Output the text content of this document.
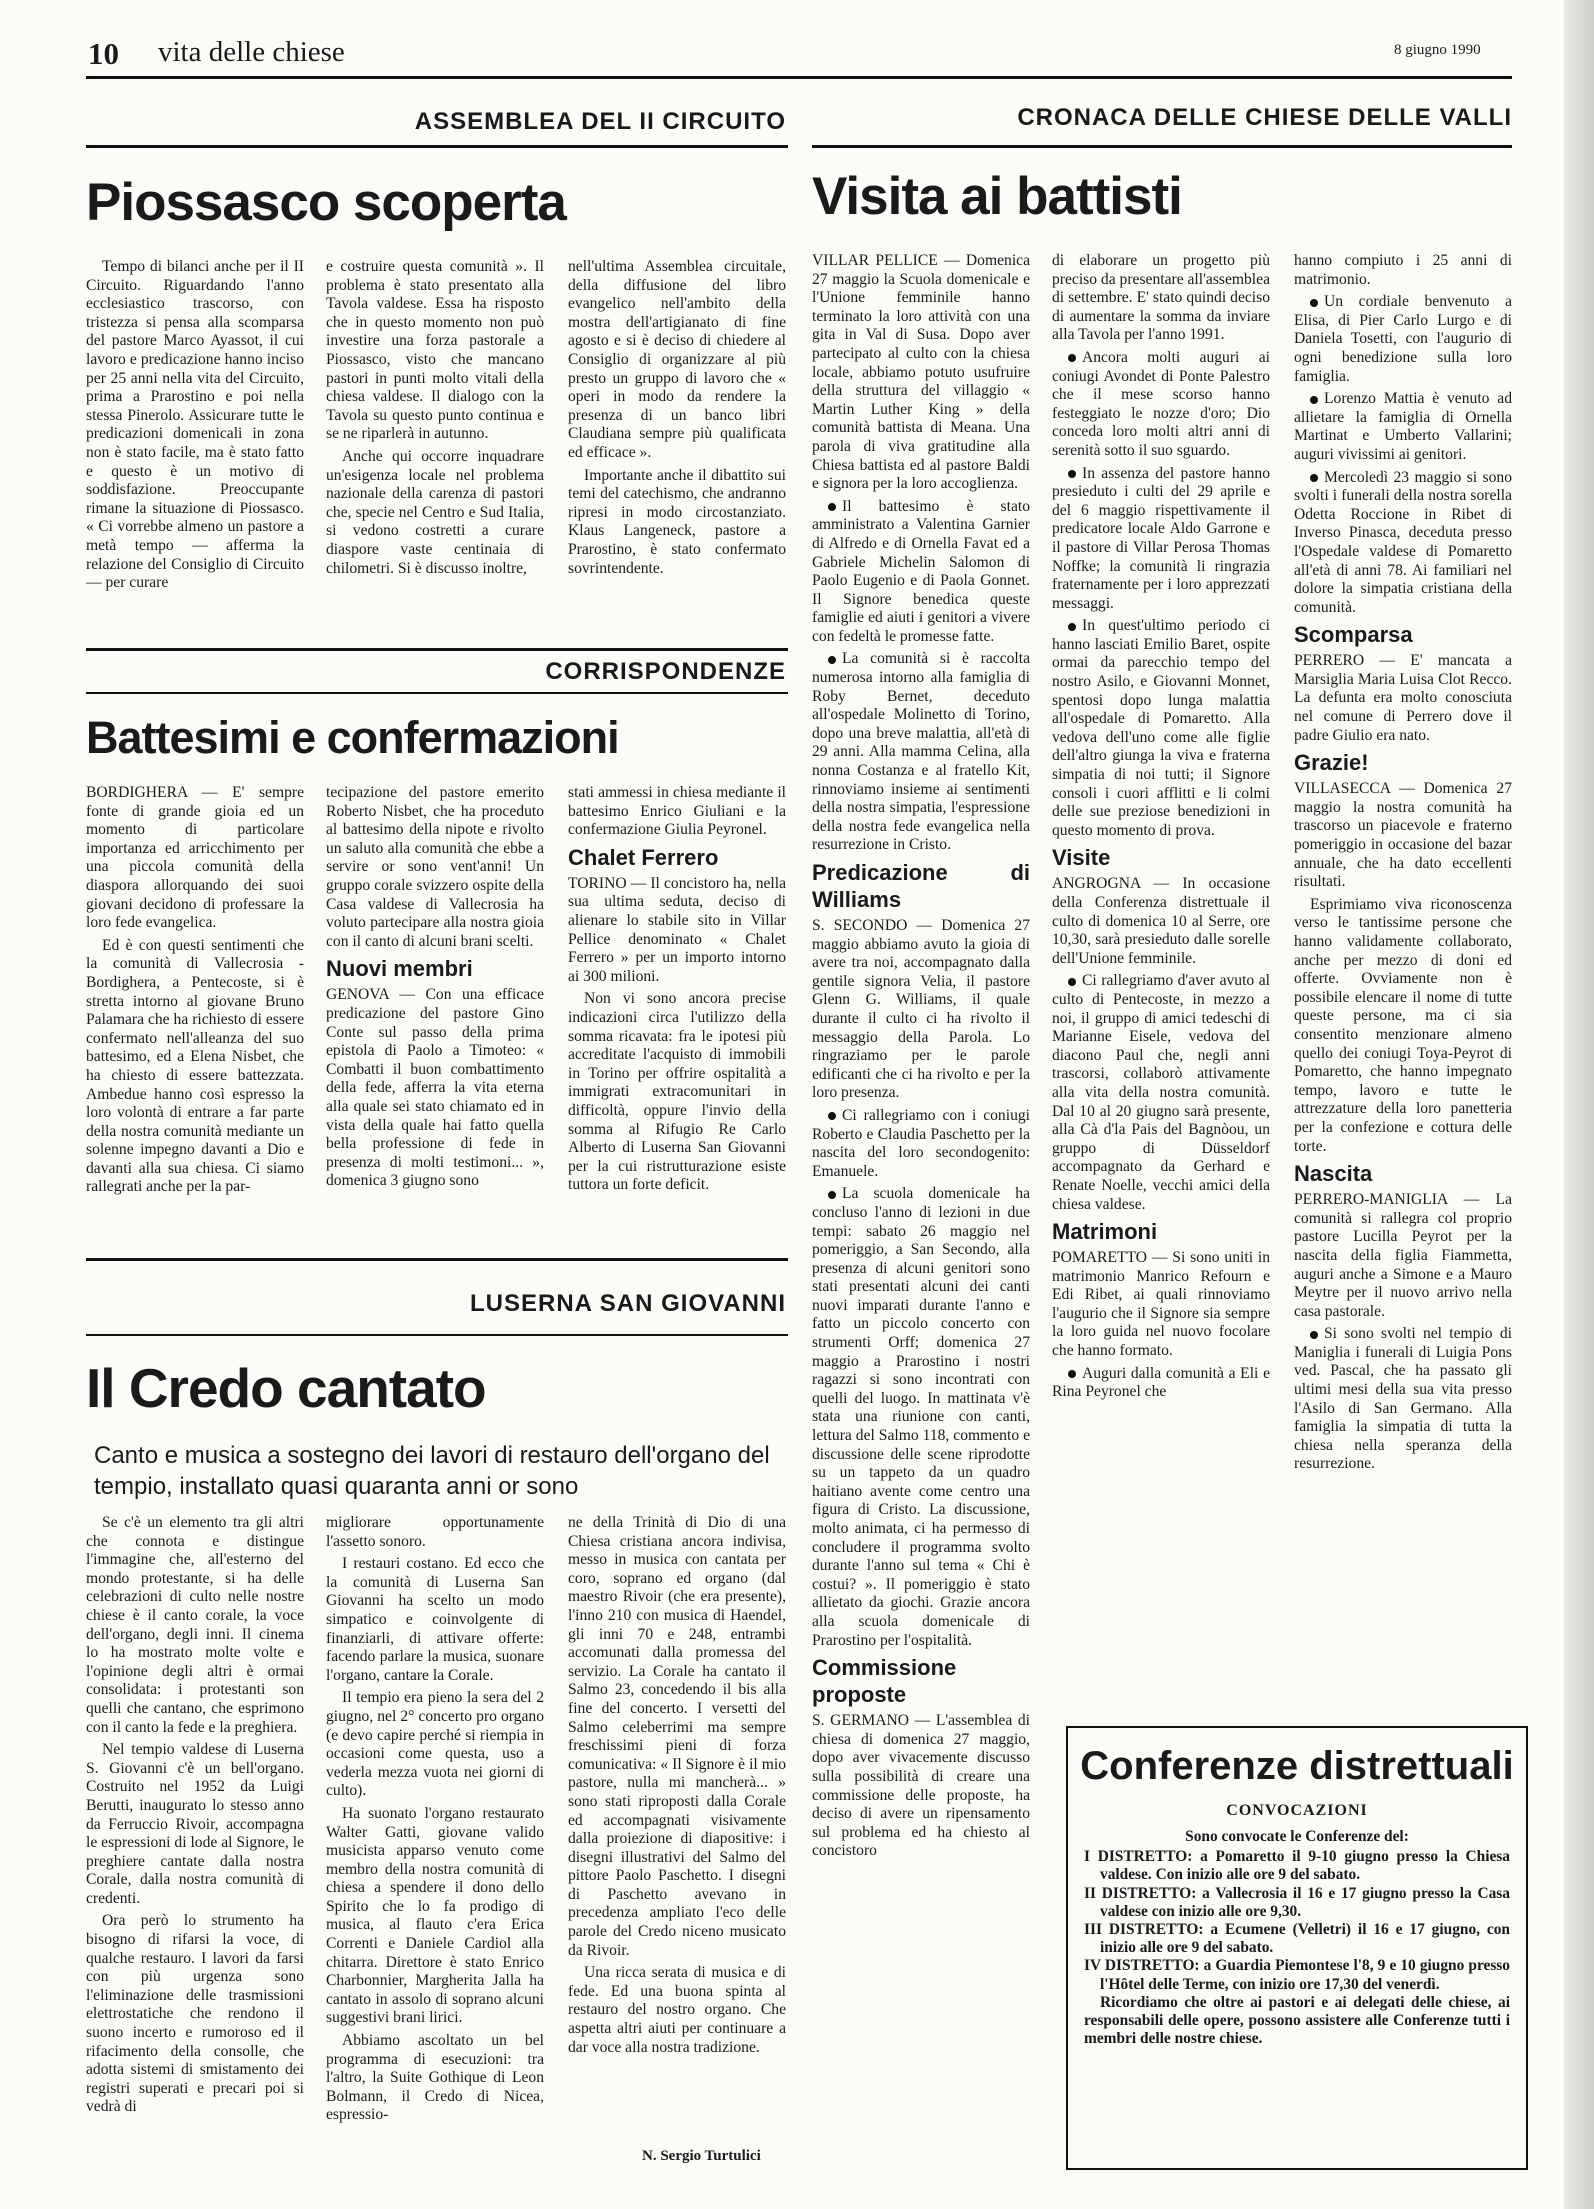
10 vita delle chiese	8 giugno 1990
ASSEMBLEA DEL II CIRCUITO
Piossasco scoperta

Tempo di bilanci anche per il II Circuito. Riguardando l'anno ecclesiastico trascorso, con tristezza si pensa alla scomparsa del pastore Marco Ayassot, il cui lavoro e predicazione hanno inciso per 25 anni nella vita del Circuito, prima a Prarostino e poi nella stessa Pinerolo. Assicurare tutte le predicazioni domenicali in zona non è stato facile, ma è stato fatto e questo è un motivo di soddisfazione. Preoccupante rimane la situazione di Piossasco. « Ci vorrebbe almeno un pastore a metà tempo — afferma la relazione del Consiglio di Circuito — per curare

e costruire questa comunità ». Il problema è stato presentato alla Tavola valdese. Essa ha risposto che in questo momento non può investire una forza pastorale a Piossasco, visto che mancano pastori in punti molto vitali della chiesa valdese. Il dialogo con la Tavola su questo punto continua e se ne riparlerà in autunno.

Anche qui occorre inquadrare un'esigenza locale nel problema nazionale della carenza di pastori che, specie nel Centro e Sud Italia, si vedono costretti a curare diaspore vaste centinaia di chilometri. Si è discusso inoltre,

nell'ultima Assemblea circuitale, della diffusione del libro evangelico nell'ambito della mostra dell'artigianato di fine agosto e si è deciso di chiedere al Consiglio di organizzare al più presto un gruppo di lavoro che « operi in modo da rendere la presenza di un banco libri Claudiana sempre più qualificata ed efficace ».

Importante anche il dibattito sui temi del catechismo, che andranno ripresi in modo circostanziato. Klaus Langeneck, pastore a Prarostino, è stato confermato sovrintendente.

CORRISPONDENZE
Battesimi e confermazioni

BORDIGHERA — E' sempre fonte di grande gioia ed un momento di particolare importanza ed arricchimento per una piccola comunità della diaspora allorquando dei suoi giovani decidono di professare la loro fede evangelica.

Ed è con questi sentimenti che la comunità di Vallecrosia - Bordighera, a Pentecoste, si è stretta intorno al giovane Bruno Palamara che ha richiesto di essere confermato nell'alleanza del suo battesimo, ed a Elena Nisbet, che ha chiesto di essere battezzata. Ambedue hanno così espresso la loro volontà di entrare a far parte della nostra comunità mediante un solenne impegno davanti a Dio e davanti alla sua chiesa. Ci siamo rallegrati anche per la par-

tecipazione del pastore emerito Roberto Nisbet, che ha proceduto al battesimo della nipote e rivolto un saluto alla comunità che ebbe a servire or sono vent'anni! Un gruppo corale svizzero ospite della Casa valdese di Vallecrosia ha voluto partecipare alla nostra gioia con il canto di alcuni brani scelti.

Nuovi membri

GENOVA — Con una efficace predicazione del pastore Gino Conte sul passo della prima epistola di Paolo a Timoteo: « Combatti il buon combattimento della fede, afferra la vita eterna alla quale sei stato chiamato ed in vista della quale hai fatto quella bella professione di fede in presenza di molti testimoni... », domenica 3 giugno sono

stati ammessi in chiesa mediante il battesimo Enrico Giuliani e la confermazione Giulia Peyronel.

Chalet Ferrero

TORINO — Il concistoro ha, nella sua ultima seduta, deciso di alienare lo stabile sito in Villar Pellice denominato « Chalet Ferrero » per un importo intorno ai 300 milioni.

Non vi sono ancora precise indicazioni circa l'utilizzo della somma ricavata: fra le ipotesi più accreditate l'acquisto di immobili in Torino per offrire ospitalità a immigrati extracomunitari in difficoltà, oppure l'invio della somma al Rifugio Re Carlo Alberto di Luserna San Giovanni per la cui ristrutturazione esiste tuttora un forte deficit.

LUSERNA SAN GIOVANNI
Il Credo cantato
Canto e musica a sostegno dei lavori di restauro dell'organo del tempio, installato quasi quaranta anni or sono

Se c'è un elemento tra gli altri che connota e distingue l'immagine che, all'esterno del mondo protestante, si ha delle celebrazioni di culto nelle nostre chiese è il canto corale, la voce dell'organo, degli inni. Il cinema lo ha mostrato molte volte e l'opinione degli altri è ormai consolidata: i protestanti son quelli che cantano, che esprimono con il canto la fede e la preghiera.

Nel tempio valdese di Luserna S. Giovanni c'è un bell'organo. Costruito nel 1952 da Luigi Berutti, inaugurato lo stesso anno da Ferruccio Rivoir, accompagna le espressioni di lode al Signore, le preghiere cantate dalla nostra Corale, dalla nostra comunità di credenti.

Ora però lo strumento ha bisogno di rifarsi la voce, di qualche restauro. I lavori da farsi con più urgenza sono l'eliminazione delle trasmissioni elettrostatiche che rendono il suono incerto e rumoroso ed il rifacimento della consolle, che adotta sistemi di smistamento dei registri superati e precari poi si vedrà di

migliorare opportunamente l'assetto sonoro.

I restauri costano. Ed ecco che la comunità di Luserna San Giovanni ha scelto un modo simpatico e coinvolgente di finanziarli, di attivare offerte: facendo parlare la musica, suonare l'organo, cantare la Corale.

Il tempio era pieno la sera del 2 giugno, nel 2° concerto pro organo (e devo capire perché si riempia in occasioni come questa, uso a vederla mezza vuota nei giorni di culto).

Ha suonato l'organo restaurato Walter Gatti, giovane valido musicista apparso venuto come membro della nostra comunità di chiesa a spendere il dono dello Spirito che lo fa prodigo di musica, al flauto c'era Erica Correnti e Daniele Cardiol alla chitarra. Direttore è stato Enrico Charbonnier, Margherita Jalla ha cantato in assolo di soprano alcuni suggestivi brani lirici.

Abbiamo ascoltato un bel programma di esecuzioni: tra l'altro, la Suite Gothique di Leon Bolmann, il Credo di Nicea, espressio-

ne della Trinità di Dio di una Chiesa cristiana ancora indivisa, messo in musica con cantata per coro, soprano ed organo (dal maestro Rivoir (che era presente), l'inno 210 con musica di Haendel, gli inni 70 e 248, entrambi accomunati dalla promessa del servizio. La Corale ha cantato il Salmo 23, concedendo il bis alla fine del concerto. I versetti del Salmo celeberrimi ma sempre freschissimi pieni di forza comunicativa: « Il Signore è il mio pastore, nulla mi mancherà... » sono stati riproposti dalla Corale ed accompagnati visivamente dalla proiezione di diapositive: i disegni illustrativi del Salmo del pittore Paolo Paschetto. I disegni di Paschetto avevano in precedenza ampliato l'eco delle parole del Credo niceno musicato da Rivoir.

Una ricca serata di musica e di fede. Ed una buona spinta al restauro del nostro organo. Che aspetta altri aiuti per continuare a dar voce alla nostra tradizione.

N. Sergio Turtulici
CRONACA DELLE CHIESE DELLE VALLI
Visita ai battisti

VILLAR PELLICE — Domenica 27 maggio la Scuola domenicale e l'Unione femminile hanno terminato la loro attività con una gita in Val di Susa. Dopo aver partecipato al culto con la chiesa locale, abbiamo potuto usufruire della struttura del villaggio « Martin Luther King » della comunità battista di Meana. Una parola di viva gratitudine alla Chiesa battista ed al pastore Baldi e signora per la loro accoglienza.

Il battesimo è stato amministrato a Valentina Garnier di Alfredo e di Ornella Favat ed a Gabriele Michelin Salomon di Paolo Eugenio e di Paola Gonnet. Il Signore benedica queste famiglie ed aiuti i genitori a vivere con fedeltà le promesse fatte.

La comunità si è raccolta numerosa intorno alla famiglia di Roby Bernet, deceduto all'ospedale Molinetto di Torino, dopo una breve malattia, all'età di 29 anni. Alla mamma Celina, alla nonna Costanza e al fratello Kit, rinnoviamo insieme ai sentimenti della nostra simpatia, l'espressione della nostra fede evangelica nella resurrezione in Cristo.

Predicazione di Williams

S. SECONDO — Domenica 27 maggio abbiamo avuto la gioia di avere tra noi, accompagnato dalla gentile signora Velia, il pastore Glenn G. Williams, il quale durante il culto ci ha rivolto il messaggio della Parola. Lo ringraziamo per le parole edificanti che ci ha rivolto e per la loro presenza.

Ci rallegriamo con i coniugi Roberto e Claudia Paschetto per la nascita del loro secondogenito: Emanuele.

La scuola domenicale ha concluso l'anno di lezioni in due tempi: sabato 26 maggio nel pomeriggio, a San Secondo, alla presenza di alcuni genitori sono stati presentati alcuni dei canti nuovi imparati durante l'anno e fatto un piccolo concerto con strumenti Orff; domenica 27 maggio a Prarostino i nostri ragazzi si sono incontrati con quelli del luogo. In mattinata v'è stata una riunione con canti, lettura del Salmo 118, commento e discussione delle scene riprodotte su un tappeto da un quadro haitiano avente come centro una figura di Cristo. La discussione, molto animata, ci ha permesso di concludere il programma svolto durante l'anno sul tema « Chi è costui? ». Il pomeriggio è stato allietato da giochi. Grazie ancora alla scuola domenicale di Prarostino per l'ospitalità.

Commissione proposte

S. GERMANO — L'assemblea di chiesa di domenica 27 maggio, dopo aver vivacemente discusso sulla possibilità di creare una commissione delle proposte, ha deciso di avere un ripensamento sul problema ed ha chiesto al concistoro

di elaborare un progetto più preciso da presentare all'assemblea di settembre. E' stato quindi deciso di aumentare la somma da inviare alla Tavola per l'anno 1991.

Ancora molti auguri ai coniugi Avondet di Ponte Palestro che il mese scorso hanno festeggiato le nozze d'oro; Dio conceda loro molti altri anni di serenità sotto il suo sguardo.

In assenza del pastore hanno presieduto i culti del 29 aprile e del 6 maggio rispettivamente il predicatore locale Aldo Garrone e il pastore di Villar Perosa Thomas Noffke; la comunità li ringrazia fraternamente per i loro apprezzati messaggi.

In quest'ultimo periodo ci hanno lasciati Emilio Baret, ospite ormai da parecchio tempo del nostro Asilo, e Giovanni Monnet, spentosi dopo lunga malattia all'ospedale di Pomaretto. Alla vedova dell'uno come alle figlie dell'altro giunga la viva e fraterna simpatia di noi tutti; il Signore consoli i cuori afflitti e li colmi delle sue preziose benedizioni in questo momento di prova.

Visite

ANGROGNA — In occasione della Conferenza distrettuale il culto di domenica 10 al Serre, ore 10,30, sarà presieduto dalle sorelle dell'Unione femminile.

Ci rallegriamo d'aver avuto al culto di Pentecoste, in mezzo a noi, il gruppo di amici tedeschi di Marianne Eisele, vedova del diacono Paul che, negli anni trascorsi, collaborò attivamente alla vita della nostra comunità. Dal 10 al 20 giugno sarà presente, alla Cà d'la Pais del Bagnòou, un gruppo di Düsseldorf accompagnato da Gerhard e Renate Noelle, vecchi amici della chiesa valdese.

Matrimoni

POMARETTO — Si sono uniti in matrimonio Manrico Refourn e Edi Ribet, ai quali rinnoviamo l'augurio che il Signore sia sempre la loro guida nel nuovo focolare che hanno formato.

Auguri dalla comunità a Eli e Rina Peyronel che

hanno compiuto i 25 anni di matrimonio.

Un cordiale benvenuto a Elisa, di Pier Carlo Lurgo e di Daniela Tosetti, con l'augurio di ogni benedizione sulla loro famiglia.

Lorenzo Mattia è venuto ad allietare la famiglia di Ornella Martinat e Umberto Vallarini; auguri vivissimi ai genitori.

Mercoledì 23 maggio si sono svolti i funerali della nostra sorella Odetta Roccione in Ribet di Inverso Pinasca, deceduta presso l'Ospedale valdese di Pomaretto all'età di anni 78. Ai familiari nel dolore la simpatia cristiana della comunità.

Scomparsa

PERRERO — E' mancata a Marsiglia Maria Luisa Clot Recco. La defunta era molto conosciuta nel comune di Perrero dove il padre Giulio era nato.

Grazie!

VILLASECCA — Domenica 27 maggio la nostra comunità ha trascorso un piacevole e fraterno pomeriggio in occasione del bazar annuale, che ha dato eccellenti risultati.

Esprimiamo viva riconoscenza verso le tantissime persone che hanno validamente collaborato, anche per mezzo di doni ed offerte. Ovviamente non è possibile elencare il nome di tutte queste persone, ma ci sia consentito menzionare almeno quello dei coniugi Toya-Peyrot di Pomaretto, che hanno impegnato tempo, lavoro e tutte le attrezzature della loro panetteria per la confezione e cottura delle torte.

Nascita

PERRERO-MANIGLIA — La comunità si rallegra col proprio pastore Lucilla Peyrot per la nascita della figlia Fiammetta, auguri anche a Simone e a Mauro Meytre per il nuovo arrivo nella casa pastorale.

Si sono svolti nel tempio di Maniglia i funerali di Luigia Pons ved. Pascal, che ha passato gli ultimi mesi della sua vita presso l'Asilo di San Germano. Alla famiglia la simpatia di tutta la chiesa nella speranza della resurrezione.

Conferenze distrettuali
CONVOCAZIONI

Sono convocate le Conferenze del:

I DISTRETTO: a Pomaretto il 9-10 giugno presso la Chiesa valdese. Con inizio alle ore 9 del sabato.

II DISTRETTO: a Vallecrosia il 16 e 17 giugno presso la Casa valdese con inizio alle ore 9,30.

III DISTRETTO: a Ecumene (Velletri) il 16 e 17 giugno, con inizio alle ore 9 del sabato.

IV DISTRETTO: a Guardia Piemontese l'8, 9 e 10 giugno presso l'Hôtel delle Terme, con inizio ore 17,30 del venerdì.

Ricordiamo che oltre ai pastori e ai delegati delle chiese, ai responsabili delle opere, possono assistere alle Conferenze tutti i membri delle nostre chiese.
